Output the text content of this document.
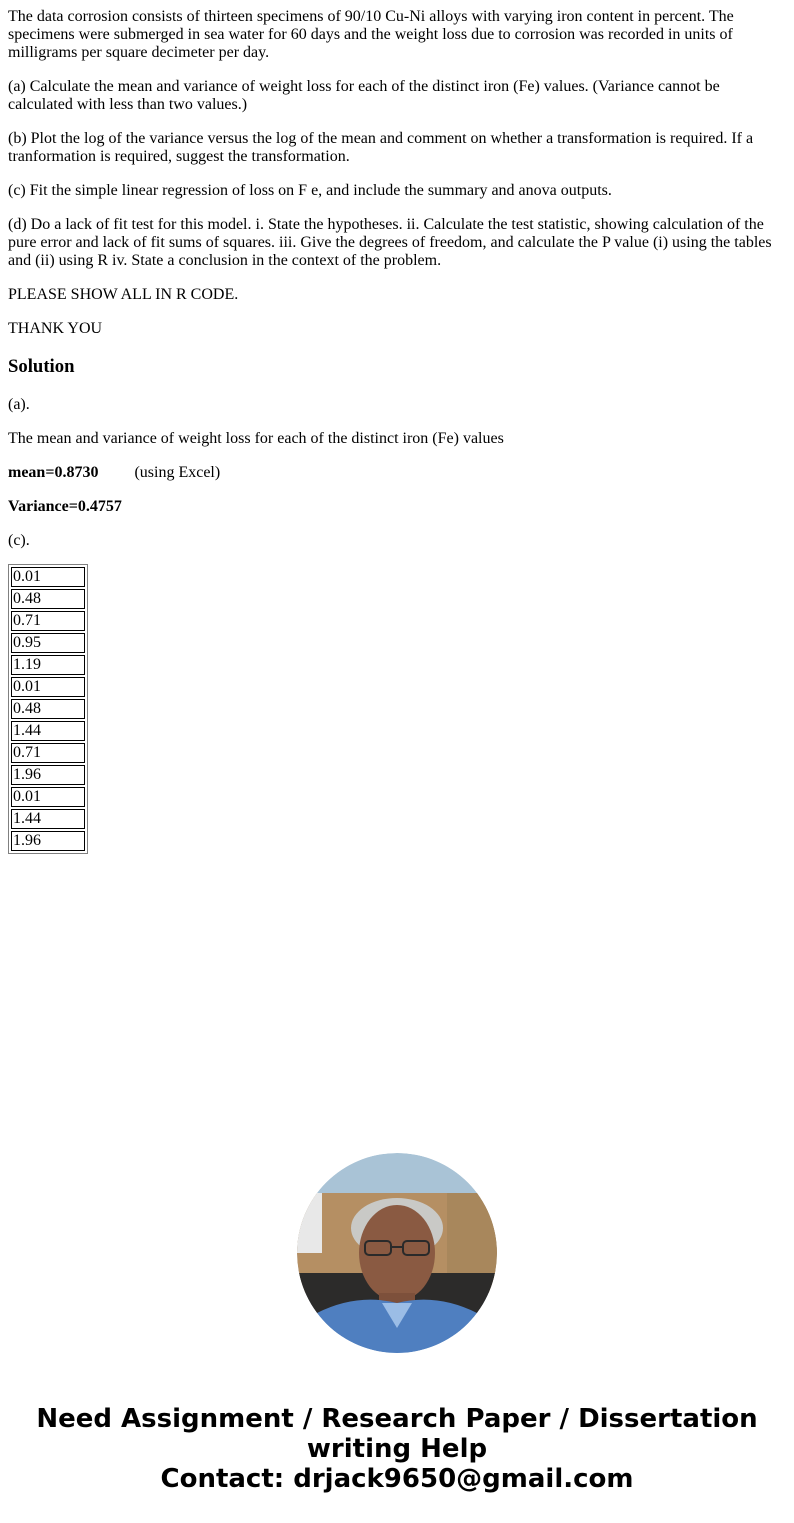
The data corrosion consists of thirteen specimens of 90/10 Cu-Ni alloys with varying iron content in percent. The specimens were submerged in sea water for 60 days and the weight loss due to corrosion was recorded in units of milligrams per square decimeter per day.

(a) Calculate the mean and variance of weight loss for each of the distinct iron (Fe) values. (Variance cannot be calculated with less than two values.)

(b) Plot the log of the variance versus the log of the mean and comment on whether a transformation is required. If a tranformation is required, suggest the transformation.

(c) Fit the simple linear regression of loss on F e, and include the summary and anova outputs.

(d) Do a lack of fit test for this model. i. State the hypotheses. ii. Calculate the test statistic, showing calculation of the pure error and lack of fit sums of squares. iii. Give the degrees of freedom, and calculate the P value (i) using the tables and (ii) using R iv. State a conclusion in the context of the problem.

PLEASE SHOW ALL IN R CODE.

THANK YOU

Solution

(a).

The mean and variance of weight loss for each of the distinct iron (Fe) values

mean=0.8730 (using Excel)

Variance=0.4757

(c).

0.01
0.48
0.71
0.95
1.19
0.01
0.48
1.44
0.71
1.96
0.01
1.44
1.96
Need Assignment / Research Paper / Dissertation
writing Help
Contact: drjack9650@gmail.com
